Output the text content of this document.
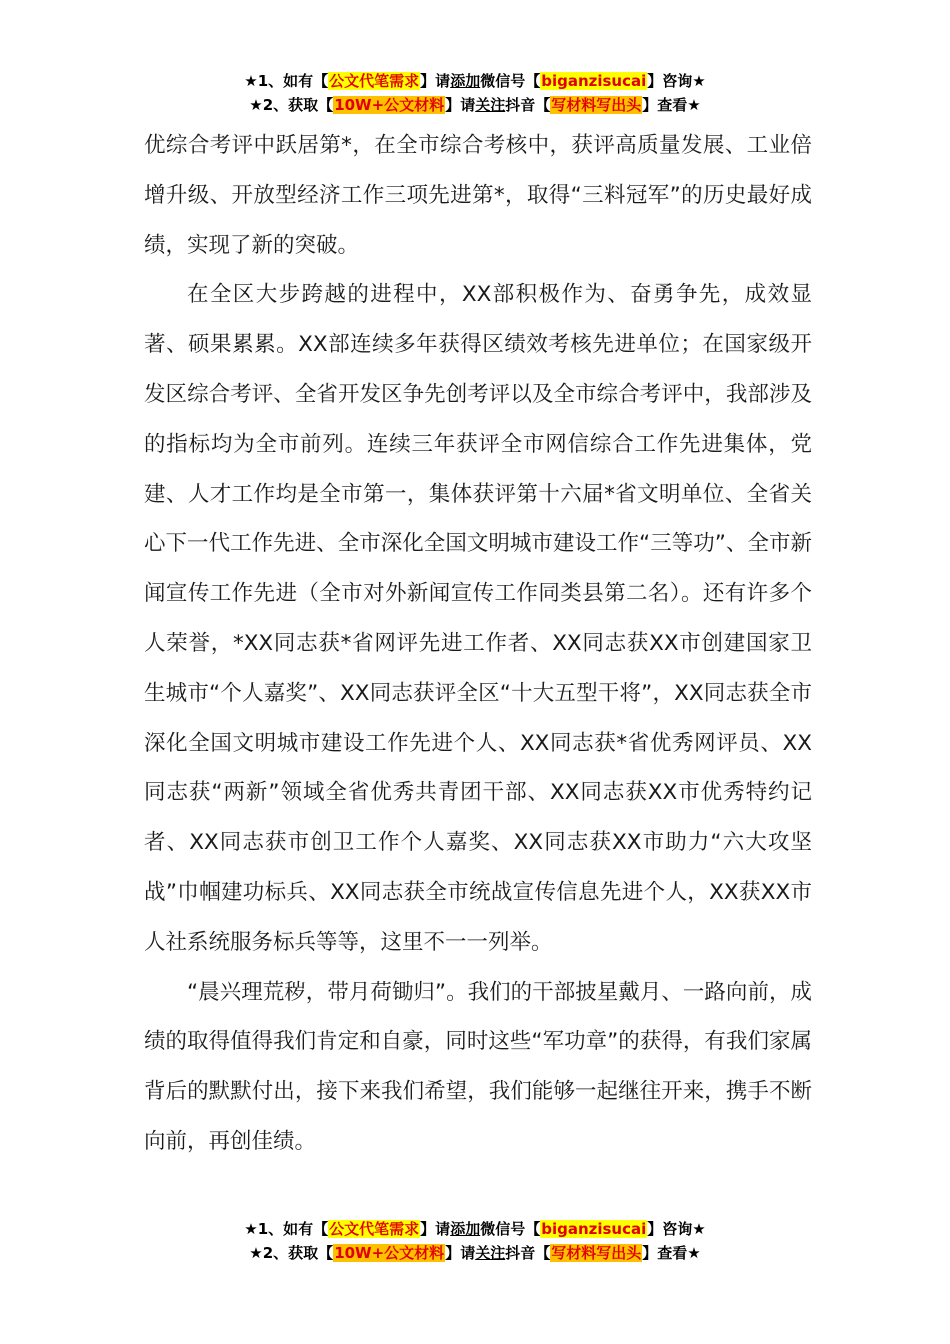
★1、如有【公文代笔需求】请添加微信号【biganzisucai】咨询★
★2、获取【10W+公文材料】请关注抖音【写材料写出头】查看★

优综合考评中跃居第*，在全市综合考核中，获评高质量发展、工业倍增升级、开放型经济工作三项先进第*，取得“三料冠军”的历史最好成绩，实现了新的突破。

在全区大步跨越的进程中，XX部积极作为、奋勇争先，成效显著、硕果累累。XX部连续多年获得区绩效考核先进单位；在国家级开发区综合考评、全省开发区争先创考评以及全市综合考评中，我部涉及的指标均为全市前列。连续三年获评全市网信综合工作先进集体，党建、人才工作均是全市第一，集体获评第十六届*省文明单位、全省关心下一代工作先进、全市深化全国文明城市建设工作“三等功”、全市新闻宣传工作先进（全市对外新闻宣传工作同类县第二名）。还有许多个人荣誉，*XX同志获*省网评先进工作者、XX同志获XX市创建国家卫生城市“个人嘉奖”、XX同志获评全区“十大五型干将”，XX同志获全市深化全国文明城市建设工作先进个人、XX同志获*省优秀网评员、XX同志获“两新”领域全省优秀共青团干部、XX同志获XX市优秀特约记者、XX同志获市创卫工作个人嘉奖、XX同志获XX市助力“六大攻坚战”巾帼建功标兵、XX同志获全市统战宣传信息先进个人，XX获XX市人社系统服务标兵等等，这里不一一列举。

“晨兴理荒秽，带月荷锄归”。我们的干部披星戴月、一路向前，成绩的取得值得我们肯定和自豪，同时这些“军功章”的获得，有我们家属背后的默默付出，接下来我们希望，我们能够一起继往开来，携手不断向前，再创佳绩。

★1、如有【公文代笔需求】请添加微信号【biganzisucai】咨询★
★2、获取【10W+公文材料】请关注抖音【写材料写出头】查看★
